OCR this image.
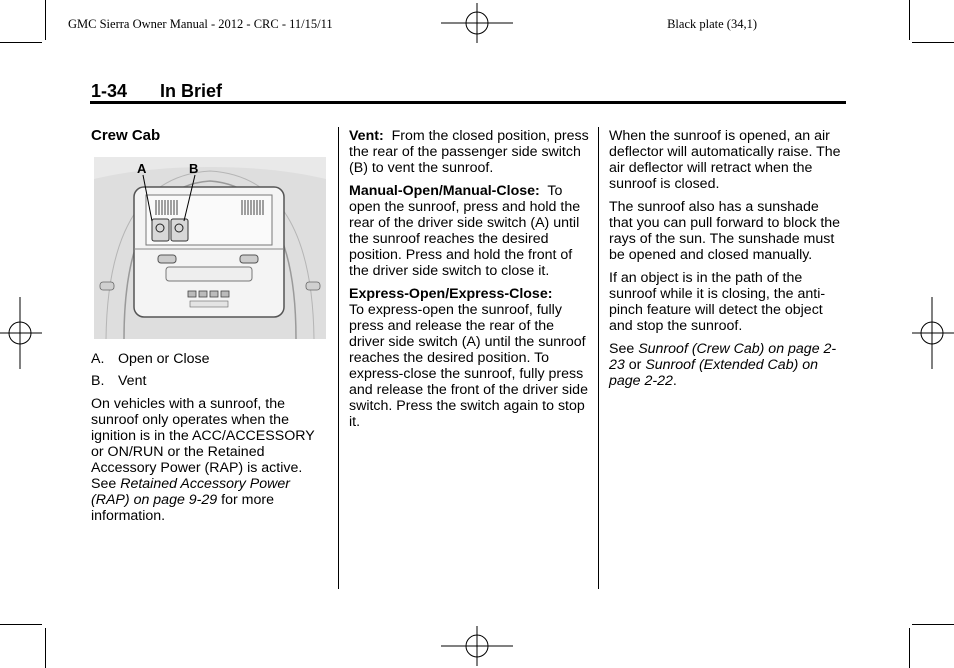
GMC Sierra Owner Manual - 2012 - CRC - 11/15/11	Black plate (34,1)
1-34 In Brief

Crew Cab

A	B

A. Open or Close

B. Vent

On vehicles with a sunroof, the sunroof only operates when the ignition is in the ACC/ACCESSORY or ON/RUN or the Retained Accessory Power (RAP) is active. See Retained Accessory Power (RAP) on page 9-29 for more information.

Vent: From the closed position, press the rear of the passenger side switch (B) to vent the sunroof.

Manual-Open/Manual-Close: To open the sunroof, press and hold the rear of the driver side switch (A) until the sunroof reaches the desired position. Press and hold the front of the driver side switch to close it.

Express-Open/Express-Close:
To express-open the sunroof, fully press and release the rear of the driver side switch (A) until the sunroof reaches the desired position. To express-close the sunroof, fully press and release the front of the driver side switch. Press the switch again to stop it.

When the sunroof is opened, an air deflector will automatically raise. The air deflector will retract when the sunroof is closed.

The sunroof also has a sunshade that you can pull forward to block the rays of the sun. The sunshade must be opened and closed manually.

If an object is in the path of the sunroof while it is closing, the anti-pinch feature will detect the object and stop the sunroof.

See Sunroof (Crew Cab) on page 2-23 or Sunroof (Extended Cab) on page 2-22.
